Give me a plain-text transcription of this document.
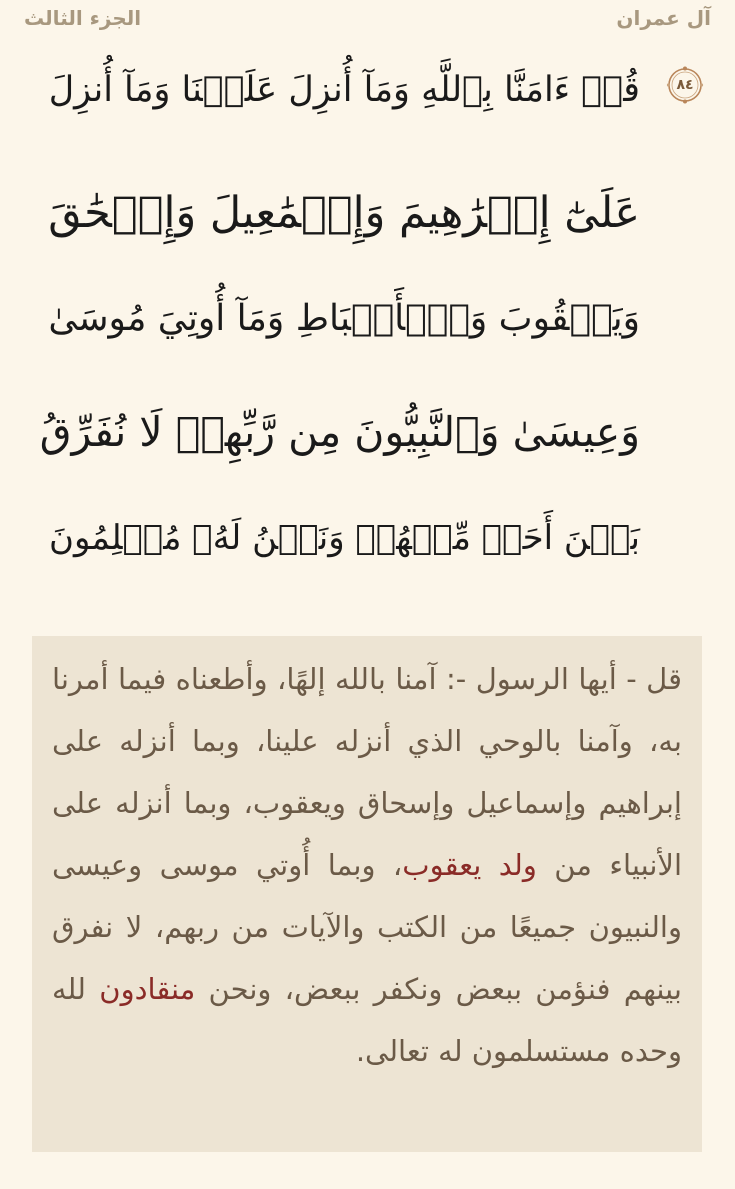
آل عمران
الجزء الثالث
٨٤
قُلۡ ءَامَنَّا بِٱللَّهِ وَمَآ أُنزِلَ عَلَيۡنَا وَمَآ أُنزِلَ
عَلَىٰٓ إِبۡرَٰهِيمَ وَإِسۡمَٰعِيلَ وَإِسۡحَٰقَ
وَيَعۡقُوبَ وَٱلۡأَسۡبَاطِ وَمَآ أُوتِيَ مُوسَىٰ
وَعِيسَىٰ وَٱلنَّبِيُّونَ مِن رَّبِّهِمۡ لَا نُفَرِّقُ
بَيۡنَ أَحَدٖ مِّنۡهُمۡ وَنَحۡنُ لَهُۥ مُسۡلِمُونَ
قل - أيها الرسول -: آمنا بالله إلهًا، وأطعناه فيما أمرنا به، وآمنا بالوحي الذي أنزله علينا، وبما أنزله على إبراهيم وإسماعيل وإسحاق ويعقوب، وبما أنزله على الأنبياء من ولد يعقوب، وبما أُوتي موسى وعيسى والنبيون جميعًا من الكتب والآيات من ربهم، لا نفرق بينهم فنؤمن ببعض ونكفر ببعض، ونحن منقادون لله وحده مستسلمون له تعالى.
